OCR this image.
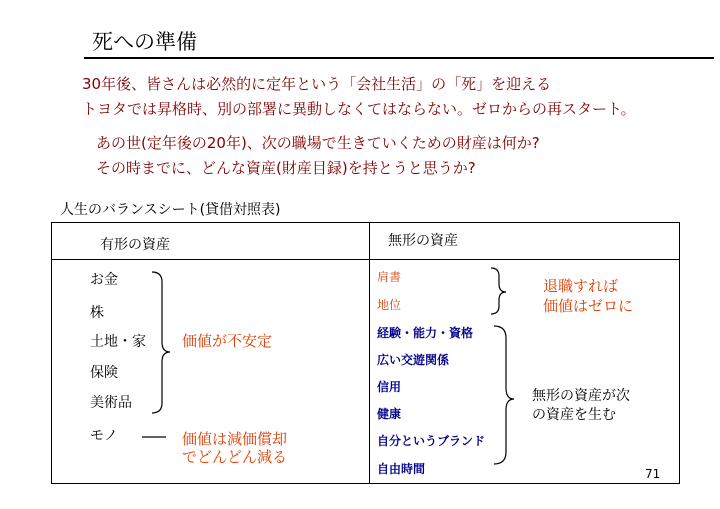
死への準備
30年後、皆さんは必然的に定年という「会社生活」の「死」を迎える
トヨタでは昇格時、別の部署に異動しなくてはならない。ゼロからの再スタート。
あの世(定年後の20年)、次の職場で生きていくための財産は何か?
その時までに、どんな資産(財産目録)を持とうと思うか?
人生のバランスシート(貸借対照表)
有形の資産	無形の資産
お金
株
土地・家
保険
美術品
モノ
価値が不安定
価値は減価償却
でどんどん減る
肩書
地位
退職すれば
価値はゼロに
経験・能力・資格
広い交遊関係
信用
健康
自分というブランド
自由時間
無形の資産が次
の資産を生む
71
